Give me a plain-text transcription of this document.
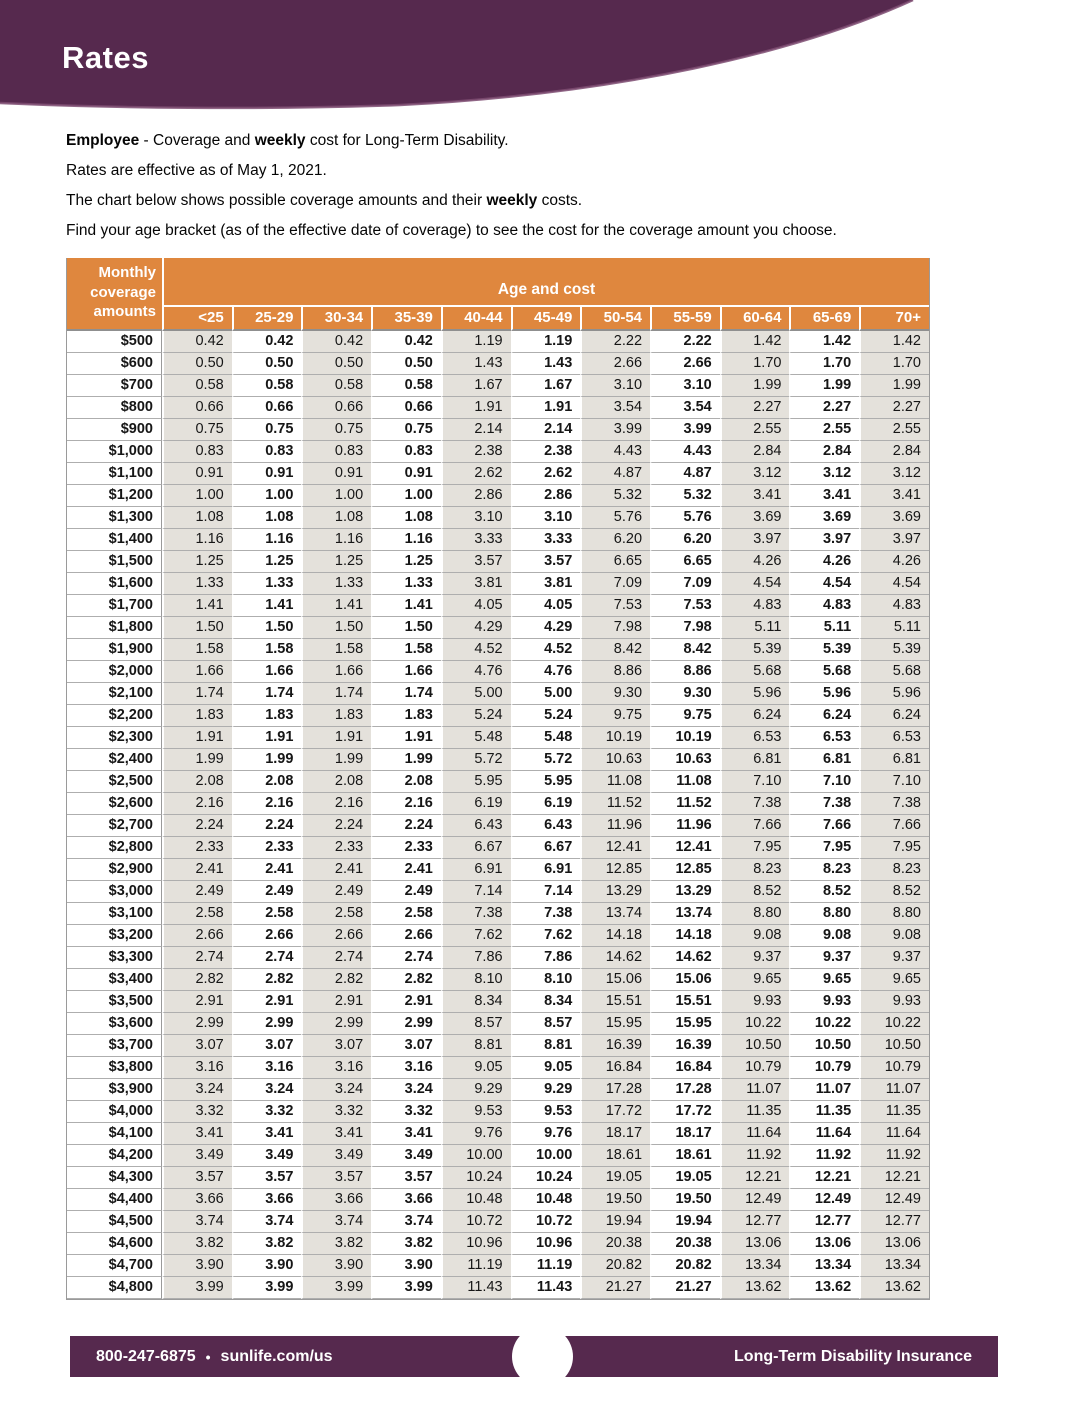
Rates
Employee - Coverage and weekly cost for Long-Term Disability.
Rates are effective as of May 1, 2021.
The chart below shows possible coverage amounts and their weekly costs.
Find your age bracket (as of the effective date of coverage) to see the cost for the coverage amount you choose.
Monthly
coverage
amounts	Age and cost										
	<25	25-29	30-34	35-39	40-44	45-49	50-54	55-59	60-64	65-69	70+
$500	0.42	0.42	0.42	0.42	1.19	1.19	2.22	2.22	1.42	1.42	1.42
$600	0.50	0.50	0.50	0.50	1.43	1.43	2.66	2.66	1.70	1.70	1.70
$700	0.58	0.58	0.58	0.58	1.67	1.67	3.10	3.10	1.99	1.99	1.99
$800	0.66	0.66	0.66	0.66	1.91	1.91	3.54	3.54	2.27	2.27	2.27
$900	0.75	0.75	0.75	0.75	2.14	2.14	3.99	3.99	2.55	2.55	2.55
$1,000	0.83	0.83	0.83	0.83	2.38	2.38	4.43	4.43	2.84	2.84	2.84
$1,100	0.91	0.91	0.91	0.91	2.62	2.62	4.87	4.87	3.12	3.12	3.12
$1,200	1.00	1.00	1.00	1.00	2.86	2.86	5.32	5.32	3.41	3.41	3.41
$1,300	1.08	1.08	1.08	1.08	3.10	3.10	5.76	5.76	3.69	3.69	3.69
$1,400	1.16	1.16	1.16	1.16	3.33	3.33	6.20	6.20	3.97	3.97	3.97
$1,500	1.25	1.25	1.25	1.25	3.57	3.57	6.65	6.65	4.26	4.26	4.26
$1,600	1.33	1.33	1.33	1.33	3.81	3.81	7.09	7.09	4.54	4.54	4.54
$1,700	1.41	1.41	1.41	1.41	4.05	4.05	7.53	7.53	4.83	4.83	4.83
$1,800	1.50	1.50	1.50	1.50	4.29	4.29	7.98	7.98	5.11	5.11	5.11
$1,900	1.58	1.58	1.58	1.58	4.52	4.52	8.42	8.42	5.39	5.39	5.39
$2,000	1.66	1.66	1.66	1.66	4.76	4.76	8.86	8.86	5.68	5.68	5.68
$2,100	1.74	1.74	1.74	1.74	5.00	5.00	9.30	9.30	5.96	5.96	5.96
$2,200	1.83	1.83	1.83	1.83	5.24	5.24	9.75	9.75	6.24	6.24	6.24
$2,300	1.91	1.91	1.91	1.91	5.48	5.48	10.19	10.19	6.53	6.53	6.53
$2,400	1.99	1.99	1.99	1.99	5.72	5.72	10.63	10.63	6.81	6.81	6.81
$2,500	2.08	2.08	2.08	2.08	5.95	5.95	11.08	11.08	7.10	7.10	7.10
$2,600	2.16	2.16	2.16	2.16	6.19	6.19	11.52	11.52	7.38	7.38	7.38
$2,700	2.24	2.24	2.24	2.24	6.43	6.43	11.96	11.96	7.66	7.66	7.66
$2,800	2.33	2.33	2.33	2.33	6.67	6.67	12.41	12.41	7.95	7.95	7.95
$2,900	2.41	2.41	2.41	2.41	6.91	6.91	12.85	12.85	8.23	8.23	8.23
$3,000	2.49	2.49	2.49	2.49	7.14	7.14	13.29	13.29	8.52	8.52	8.52
$3,100	2.58	2.58	2.58	2.58	7.38	7.38	13.74	13.74	8.80	8.80	8.80
$3,200	2.66	2.66	2.66	2.66	7.62	7.62	14.18	14.18	9.08	9.08	9.08
$3,300	2.74	2.74	2.74	2.74	7.86	7.86	14.62	14.62	9.37	9.37	9.37
$3,400	2.82	2.82	2.82	2.82	8.10	8.10	15.06	15.06	9.65	9.65	9.65
$3,500	2.91	2.91	2.91	2.91	8.34	8.34	15.51	15.51	9.93	9.93	9.93
$3,600	2.99	2.99	2.99	2.99	8.57	8.57	15.95	15.95	10.22	10.22	10.22
$3,700	3.07	3.07	3.07	3.07	8.81	8.81	16.39	16.39	10.50	10.50	10.50
$3,800	3.16	3.16	3.16	3.16	9.05	9.05	16.84	16.84	10.79	10.79	10.79
$3,900	3.24	3.24	3.24	3.24	9.29	9.29	17.28	17.28	11.07	11.07	11.07
$4,000	3.32	3.32	3.32	3.32	9.53	9.53	17.72	17.72	11.35	11.35	11.35
$4,100	3.41	3.41	3.41	3.41	9.76	9.76	18.17	18.17	11.64	11.64	11.64
$4,200	3.49	3.49	3.49	3.49	10.00	10.00	18.61	18.61	11.92	11.92	11.92
$4,300	3.57	3.57	3.57	3.57	10.24	10.24	19.05	19.05	12.21	12.21	12.21
$4,400	3.66	3.66	3.66	3.66	10.48	10.48	19.50	19.50	12.49	12.49	12.49
$4,500	3.74	3.74	3.74	3.74	10.72	10.72	19.94	19.94	12.77	12.77	12.77
$4,600	3.82	3.82	3.82	3.82	10.96	10.96	20.38	20.38	13.06	13.06	13.06
$4,700	3.90	3.90	3.90	3.90	11.19	11.19	20.82	20.82	13.34	13.34	13.34
$4,800	3.99	3.99	3.99	3.99	11.43	11.43	21.27	21.27	13.62	13.62	13.62
800-247-6875 • sunlife.com/us	Long-Term Disability Insurance
